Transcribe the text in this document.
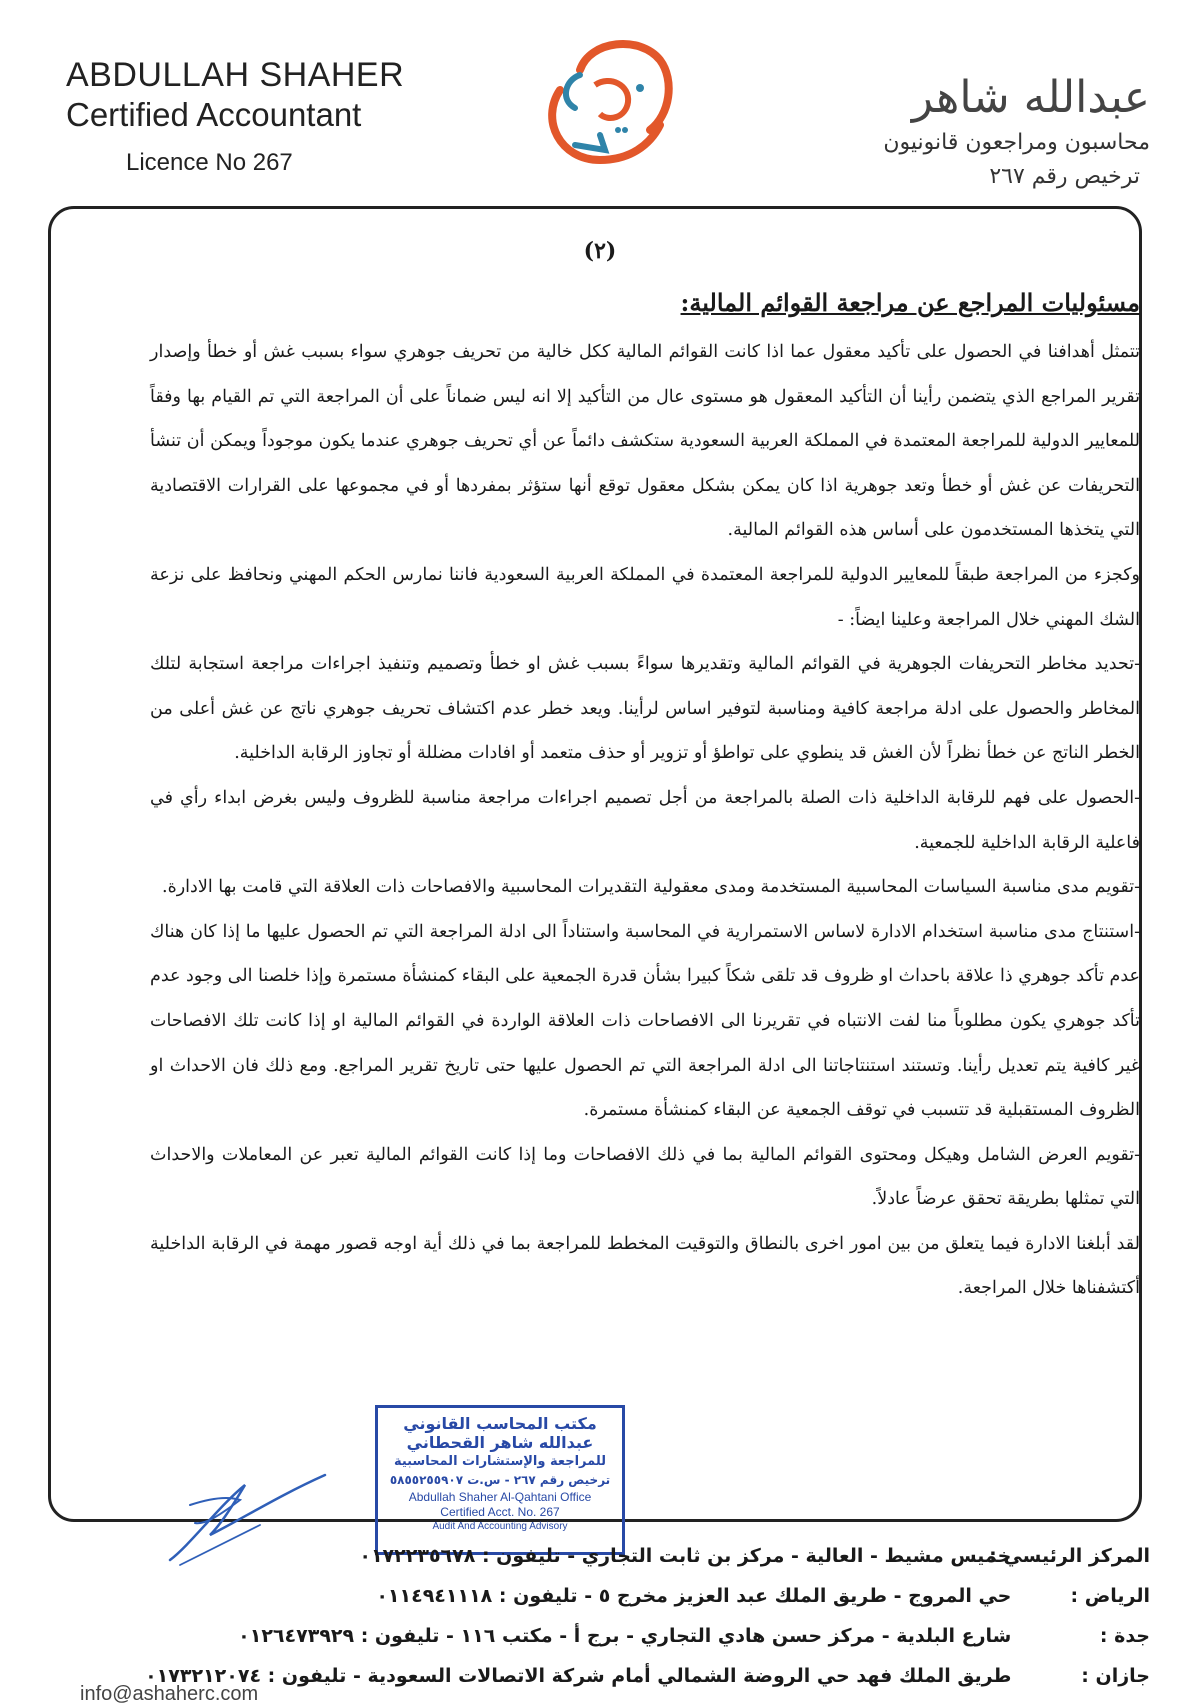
ABDULLAH SHAHER
Certified Accountant
Licence No 267
عبدالله شاهر
محاسبون ومراجعون قانونيون
ترخيص رقم ٢٦٧
(٢)
مسئوليات المراجع عن مراجعة القوائم المالية:

تتمثل أهدافنا في الحصول على تأكيد معقول عما اذا كانت القوائم المالية ككل خالية من تحريف جوهري سواء بسبب غش أو خطأ وإصدار تقرير المراجع الذي يتضمن رأينا أن التأكيد المعقول هو مستوى عال من التأكيد إلا انه ليس ضماناً على أن المراجعة التي تم القيام بها وفقاً للمعايير الدولية للمراجعة المعتمدة في المملكة العربية السعودية ستكشف دائماً عن أي تحريف جوهري عندما يكون موجوداً ويمكن أن تنشأ التحريفات عن غش أو خطأ وتعد جوهرية اذا كان يمكن بشكل معقول توقع أنها ستؤثر بمفردها أو في مجموعها على القرارات الاقتصادية التي يتخذها المستخدمون على أساس هذه القوائم المالية.

وكجزء من المراجعة طبقاً للمعايير الدولية للمراجعة المعتمدة في المملكة العربية السعودية فاننا نمارس الحكم المهني ونحافظ على نزعة الشك المهني خلال المراجعة وعلينا ايضاً: -

-تحديد مخاطر التحريفات الجوهرية في القوائم المالية وتقديرها سواءً بسبب غش او خطأ وتصميم وتنفيذ اجراءات مراجعة استجابة لتلك المخاطر والحصول على ادلة مراجعة كافية ومناسبة لتوفير اساس لرأينا. ويعد خطر عدم اكتشاف تحريف جوهري ناتج عن غش أعلى من الخطر الناتج عن خطأ نظراً لأن الغش قد ينطوي على تواطؤ أو تزوير أو حذف متعمد أو افادات مضللة أو تجاوز الرقابة الداخلية.

-الحصول على فهم للرقابة الداخلية ذات الصلة بالمراجعة من أجل تصميم اجراءات مراجعة مناسبة للظروف وليس بغرض ابداء رأي في فاعلية الرقابة الداخلية للجمعية.

-تقويم مدى مناسبة السياسات المحاسبية المستخدمة ومدى معقولية التقديرات المحاسبية والافصاحات ذات العلاقة التي قامت بها الادارة.

-استنتاج مدى مناسبة استخدام الادارة لاساس الاستمرارية في المحاسبة واستناداً الى ادلة المراجعة التي تم الحصول عليها ما إذا كان هناك عدم تأكد جوهري ذا علاقة باحداث او ظروف قد تلقى شكاً كبيرا بشأن قدرة الجمعية على البقاء كمنشأة مستمرة وإذا خلصنا الى وجود عدم تأكد جوهري يكون مطلوباً منا لفت الانتباه في تقريرنا الى الافصاحات ذات العلاقة الواردة في القوائم المالية او إذا كانت تلك الافصاحات غير كافية يتم تعديل رأينا. وتستند استنتاجاتنا الى ادلة المراجعة التي تم الحصول عليها حتى تاريخ تقرير المراجع. ومع ذلك فان الاحداث او الظروف المستقبلية قد تتسبب في توقف الجمعية عن البقاء كمنشأة مستمرة.

-تقويم العرض الشامل وهيكل ومحتوى القوائم المالية بما في ذلك الافصاحات وما إذا كانت القوائم المالية تعبر عن المعاملات والاحداث التي تمثلها بطريقة تحقق عرضاً عادلاً.

لقد أبلغنا الادارة فيما يتعلق من بين امور اخرى بالنطاق والتوقيت المخطط للمراجعة بما في ذلك أية اوجه قصور مهمة في الرقابة الداخلية أكتشفناها خلال المراجعة.

مكتب المحاسب القانوني
عبدالله شاهر القحطاني
للمراجعة والإستشارات المحاسبية
ترخيص رقم ٢٦٧ - س.ت ٥٨٥٥٢٥٥٩٠٧
Abdullah Shaher Al-Qahtani Office
Certified Acct. No. 267
Audit And Accounting Advisory
المركز الرئيسي : خميس مشيط - العالية - مركز بن ثابت التجاري - تليفون : ٠١٧٢٢٣٥٦٧٨
الرياض : حي المروج - طريق الملك عبد العزيز مخرج ٥ - تليفون : ٠١١٤٩٤١١١٨
جدة : شارع البلدية - مركز حسن هادي التجاري - برج أ - مكتب ١١٦ - تليفون : ٠١٢٦٤٧٣٩٢٩
جازان : طريق الملك فهد حي الروضة الشمالي أمام شركة الاتصالات السعودية - تليفون : ٠١٧٣٢١٢٠٧٤
info@ashaherc.com
